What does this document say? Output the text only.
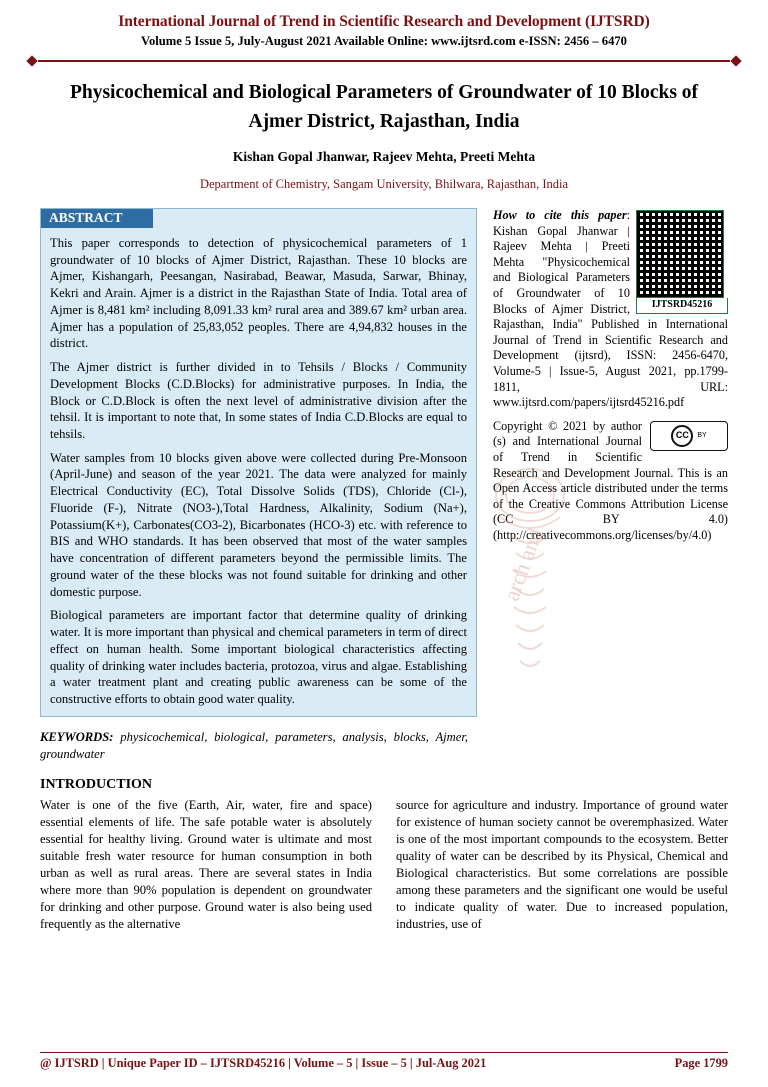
International Journal of Trend in Scientific Research and Development (IJTSRD)
Volume 5 Issue 5, July-August 2021 Available Online: www.ijtsrd.com e-ISSN: 2456 – 6470
Physicochemical and Biological Parameters of Groundwater of 10 Blocks of Ajmer District, Rajasthan, India
Kishan Gopal Jhanwar, Rajeev Mehta, Preeti Mehta
Department of Chemistry, Sangam University, Bhilwara, Rajasthan, India
ABSTRACT

This paper corresponds to detection of physicochemical parameters of 1 groundwater of 10 blocks of Ajmer District, Rajasthan. These 10 blocks are Ajmer, Kishangarh, Peesangan, Nasirabad, Beawar, Masuda, Sarwar, Bhinay, Kekri and Arain. Ajmer is a district in the Rajasthan State of India. Total area of Ajmer is 8,481 km² including 8,091.33 km² rural area and 389.67 km² urban area. Ajmer has a population of 25,83,052 peoples. There are 4,94,832 houses in the district.

The Ajmer district is further divided in to Tehsils / Blocks / Community Development Blocks (C.D.Blocks) for administrative purposes. In India, the Block or C.D.Block is often the next level of administrative division after the tehsil. It is important to note that, In some states of India C.D.Blocks are equal to tehsils.

Water samples from 10 blocks given above were collected during Pre-Monsoon (April-June) and season of the year 2021. The data were analyzed for mainly Electrical Conductivity (EC), Total Dissolve Solids (TDS), Chloride (Cl-), Fluoride (F-), Nitrate (NO3-),Total Hardness, Alkalinity, Sodium (Na+), Potassium(K+), Carbonates(CO3-2), Bicarbonates (HCO-3) etc. with reference to BIS and WHO standards. It has been observed that most of the water samples have concentration of different parameters beyond the permissible limits. The ground water of the these blocks was not found suitable for drinking and other domestic purpose.

Biological parameters are important factor that determine quality of drinking water. It is more important than physical and chemical parameters in term of direct effect on human health. Some important biological characteristics affecting quality of drinking water includes bacteria, protozoa, virus and algae. Establishing a water treatment plant and creating public awareness can be some of the constructive efforts to obtain good water quality.

KEYWORDS: physicochemical, biological, parameters, analysis, blocks, Ajmer, groundwater
IJTSRD45216

How to cite this paper: Kishan Gopal Jhanwar | Rajeev Mehta | Preeti Mehta "Physicochemical and Biological Parameters of Groundwater of 10 Blocks of Ajmer District, Rajasthan, India" Published in International Journal of Trend in Scientific Research and Development (ijtsrd), ISSN: 2456-6470, Volume-5 | Issue-5, August 2021, pp.1799-1811, URL: www.ijtsrd.com/papers/ijtsrd45216.pdf

CC	BY

Copyright © 2021 by author (s) and International Journal of Trend in Scientific Research and Development Journal. This is an Open Access article distributed under the terms of the Creative Commons Attribution License (CC BY 4.0) (http://creativecommons.org/licenses/by/4.0)

arch and
INTRODUCTION
Water is one of the five (Earth, Air, water, fire and space) essential elements of life. The safe potable water is absolutely essential for healthy living. Ground water is ultimate and most suitable fresh water resource for human consumption in both urban as well as rural areas. There are several states in India where more than 90% population is dependent on groundwater for drinking and other purpose. Ground water is also being used frequently as the alternative
source for agriculture and industry. Importance of ground water for existence of human society cannot be overemphasized. Water is one of the most important compounds to the ecosystem. Better quality of water can be described by its Physical, Chemical and Biological characteristics. But some correlations are possible among these parameters and the significant one would be useful to indicate quality of water. Due to increased population, industries, use of
@ IJTSRD | Unique Paper ID – IJTSRD45216 | Volume – 5 | Issue – 5 | Jul-Aug 2021	Page 1799
